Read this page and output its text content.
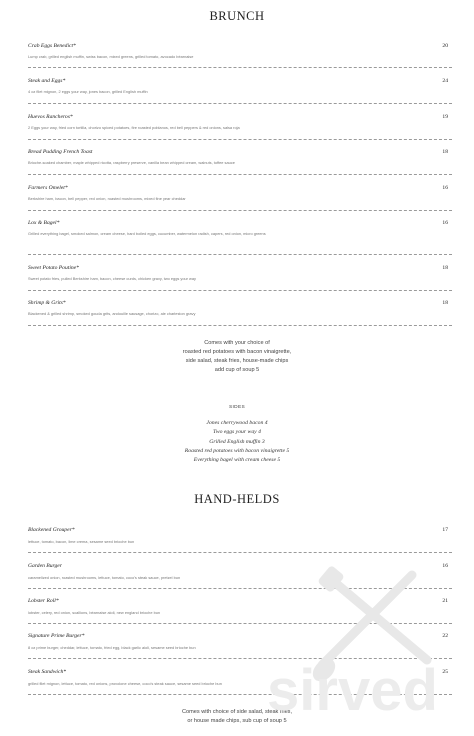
BRUNCH
Crab Eggs Benedict*	20
Lump crab, grilled english muffin, swiss bacon, mixed greens, grilled tomato, avocado béarnaise
Steak and Eggs*	24
4 oz filet mignon, 2 eggs your way, jones bacon, grilled English muffin
Huevos Rancheros*	19
2 Eggs your way, fried corn tortilla, chorizo spiced potatoes, fire roasted poblanos, red bell peppers & red onions, salsa roja
Bread Pudding French Toast	18
Brioche-soaked chamber, maple whipped ricotta, raspberry preserve, vanilla bean whipped cream, walnuts, toffee sauce
Farmers Omelet*	16
Berkshire ham, bacon, bell pepper, red onion, roasted mushrooms, mixed fine year cheddar
Lox & Bagel*	16
Grilled everything bagel, smoked salmon, cream cheese, hard boiled eggs, cucumber, watermelon radish, capers, red onion, micro greens
Sweet Potato Poutine*	18
Sweet potato fries, pulled Berkshire ham, bacon, cheese curds, chicken gravy, two eggs your way
Shrimp & Grits*	18
Blackened & grilled shrimp, smoked gouda grits, andouille sausage, chorizo, ale charleston gravy
Comes with your choice of
roasted red potatoes with bacon vinaigrette,
side salad, steak fries, house-made chips
add cup of soup 5
SIDES
Jones cherrywood bacon 4
Two eggs your way 4
Grilled English muffin 3
Roasted red potatoes with bacon vinaigrette 5
Everything bagel with cream cheese 5
HAND-HELDS
Blackened Grouper*	17
lettuce, tomato, bacon, lime crema, sesame seed brioche bun
Garden Burger	16
caramelized onion, roasted mushrooms, lettuce, tomato, coco's steak sauce, pretzel bun
Lobster Roll*	21
lobster, celery, red onion, scallions, béarnaise aioli, new england brioche bun
Signature Prime Burger*	22
8 oz prime burger, cheddar, lettuce, tomato, fried egg, black garlic aioli, sesame seed brioche bun
Steak Sandwich*	25
grilled filet mignon, lettuce, tomato, red onions, provolone cheese, coco's steak sauce, sesame seed brioche bun
Comes with choice of side salad, steak fries,
or house made chips, sub cup of soup 5
sirved
